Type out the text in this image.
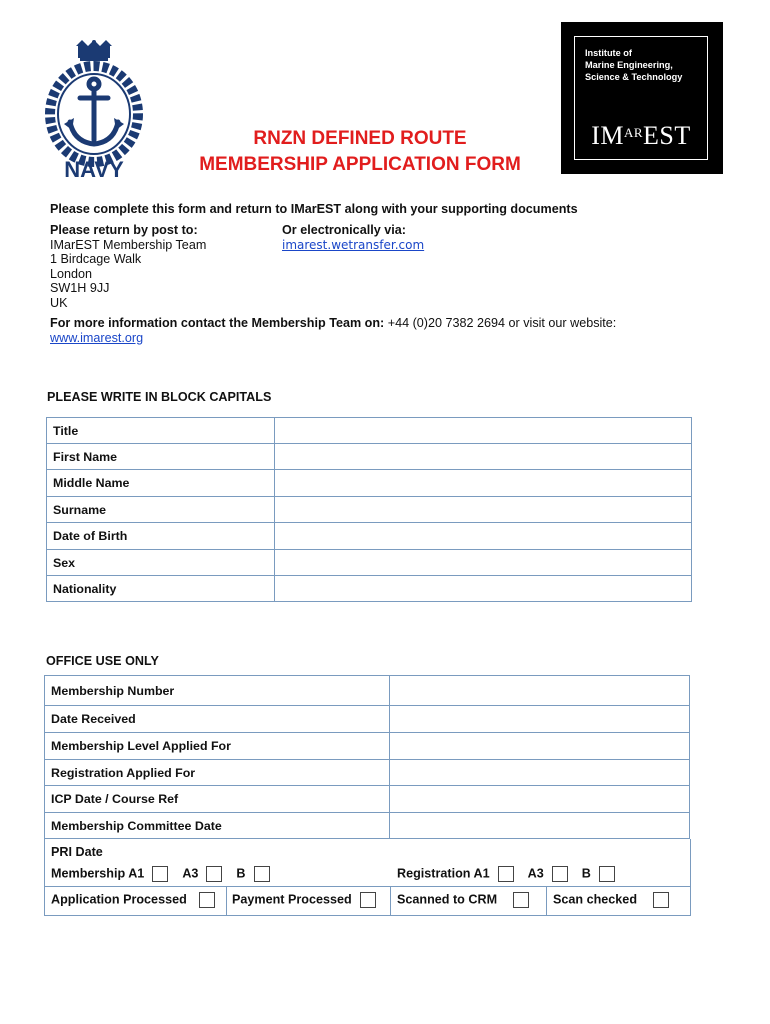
NAVY
Institute of
Marine Engineering,
Science & Technology
$IM^{AR}EST$
RNZN DEFINED ROUTE
MEMBERSHIP APPLICATION FORM
Please complete this form and return to IMarEST along with your supporting documents
Please return by post to:
IMarEST Membership Team
1 Birdcage Walk
London
SW1H 9JJ
UK
Or electronically via:
imarest.wetransfer.com
For more information contact the Membership Team on: +44 (0)20 7382 2694 or visit our website:
www.imarest.org
PLEASE WRITE IN BLOCK CAPITALS
Title	
First Name	
Middle Name	
Surname	
Date of Birth	
Sex	
Nationality	
OFFICE USE ONLY
Membership Number	
Date Received	
Membership Level Applied For	
Registration Applied For	
ICP Date / Course Ref	
Membership Committee Date	
PRI Date
Membership A1	A3	B	Registration A1	A3	B
Application Processed	Payment Processed	Scanned to CRM	Scan checked
